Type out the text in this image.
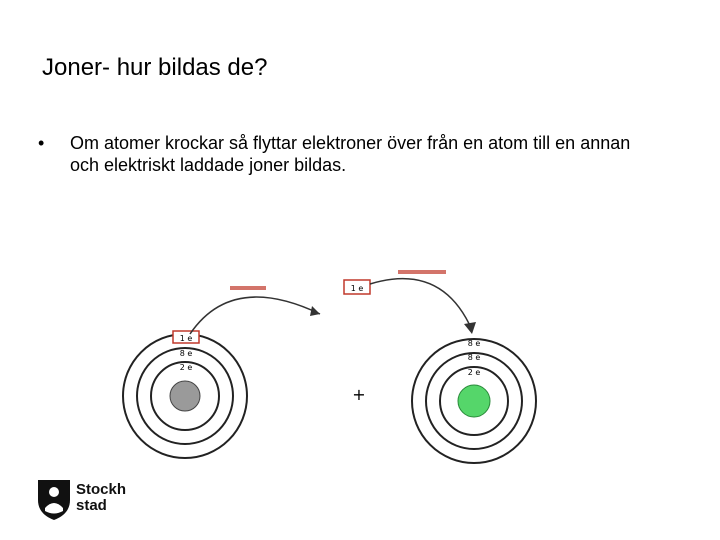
Joner- hur bildas de?
•	Om atomer krockar så flyttar elektroner över från en atom till en annan och elektriskt laddade joner bildas.
1 e
8 e
2 e
+
1 e
8 e
8 e
2 e
Stockh
stad
